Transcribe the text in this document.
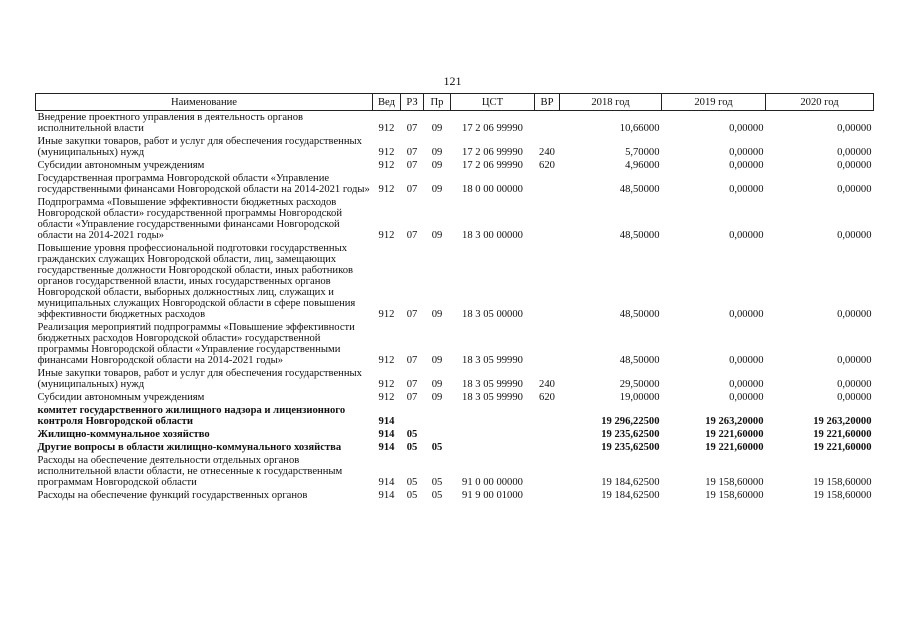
121
Наименование	Вед	РЗ	Пр	ЦСТ	ВР	2018 год	2019 год	2020 год
Внедрение проектного управления в деятельность органов исполнительной власти	912	07	09	17 2 06 99990		10,66000	0,00000	0,00000
Иные закупки товаров, работ и услуг для обеспечения государственных (муниципальных) нужд	912	07	09	17 2 06 99990	240	5,70000	0,00000	0,00000
Субсидии автономным учреждениям	912	07	09	17 2 06 99990	620	4,96000	0,00000	0,00000
Государственная программа Новгородской области «Управление государственными финансами Новгородской области на 2014-2021 годы»	912	07	09	18 0 00 00000		48,50000	0,00000	0,00000
Подпрограмма «Повышение эффективности бюджетных расходов Новгородской области» государственной программы Новгородской области «Управление государственными финансами Новгородской области на 2014-2021 годы»	912	07	09	18 3 00 00000		48,50000	0,00000	0,00000
Повышение уровня профессиональной подготовки государственных гражданских служащих Новгородской области, лиц, замещающих государственные должности Новгородской области, иных работников органов государственной власти, иных государственных органов Новгородской области, выборных должностных лиц, служащих и муниципальных служащих Новгородской области в сфере повышения эффективности бюджетных расходов	912	07	09	18 3 05 00000		48,50000	0,00000	0,00000
Реализация мероприятий подпрограммы «Повышение эффективности бюджетных расходов Новгородской области» государственной программы Новгородской области «Управление государственными финансами Новгородской области на 2014-2021 годы»	912	07	09	18 3 05 99990		48,50000	0,00000	0,00000
Иные закупки товаров, работ и услуг для обеспечения государственных (муниципальных) нужд	912	07	09	18 3 05 99990	240	29,50000	0,00000	0,00000
Субсидии автономным учреждениям	912	07	09	18 3 05 99990	620	19,00000	0,00000	0,00000
комитет государственного жилищного надзора и лицензионного контроля Новгородской области	914					19 296,22500	19 263,20000	19 263,20000
Жилищно-коммунальное хозяйство	914	05				19 235,62500	19 221,60000	19 221,60000
Другие вопросы в области жилищно-коммунального хозяйства	914	05	05			19 235,62500	19 221,60000	19 221,60000
Расходы на обеспечение деятельности отдельных органов исполнительной власти области, не отнесенные к государственным программам Новгородской области	914	05	05	91 0 00 00000		19 184,62500	19 158,60000	19 158,60000
Расходы на обеспечение функций государственных органов	914	05	05	91 9 00 01000		19 184,62500	19 158,60000	19 158,60000
